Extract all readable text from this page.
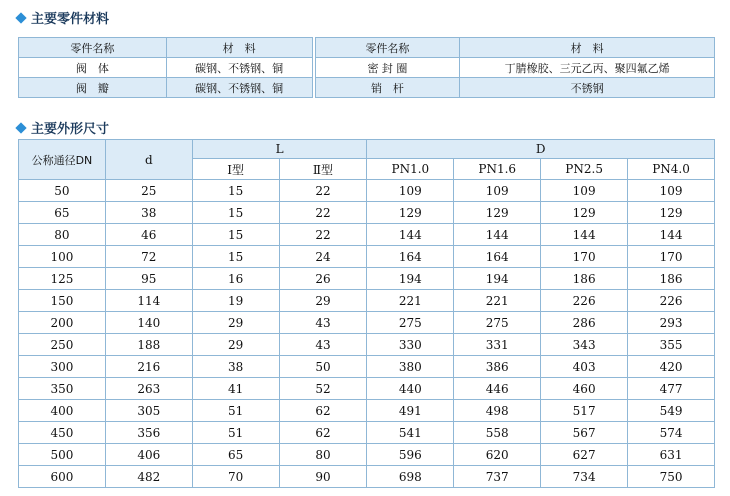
主要零件材料
零件名称	材　料		零件名称	材　料
阀　体	碳钢、不锈钢、铜		密 封 圈	丁腈橡胶、三元乙丙、聚四氟乙烯
阀　瓣	碳钢、不锈钢、铜		销　杆	不锈钢
主要外形尺寸
公称通径DN	d	L		D			
		Ⅰ型	Ⅱ型	PN1.0	PN1.6	PN2.5	PN4.0
50	25	15	22	109	109	109	109
65	38	15	22	129	129	129	129
80	46	15	22	144	144	144	144
100	72	15	24	164	164	170	170
125	95	16	26	194	194	186	186
150	114	19	29	221	221	226	226
200	140	29	43	275	275	286	293
250	188	29	43	330	331	343	355
300	216	38	50	380	386	403	420
350	263	41	52	440	446	460	477
400	305	51	62	491	498	517	549
450	356	51	62	541	558	567	574
500	406	65	80	596	620	627	631
600	482	70	90	698	737	734	750
